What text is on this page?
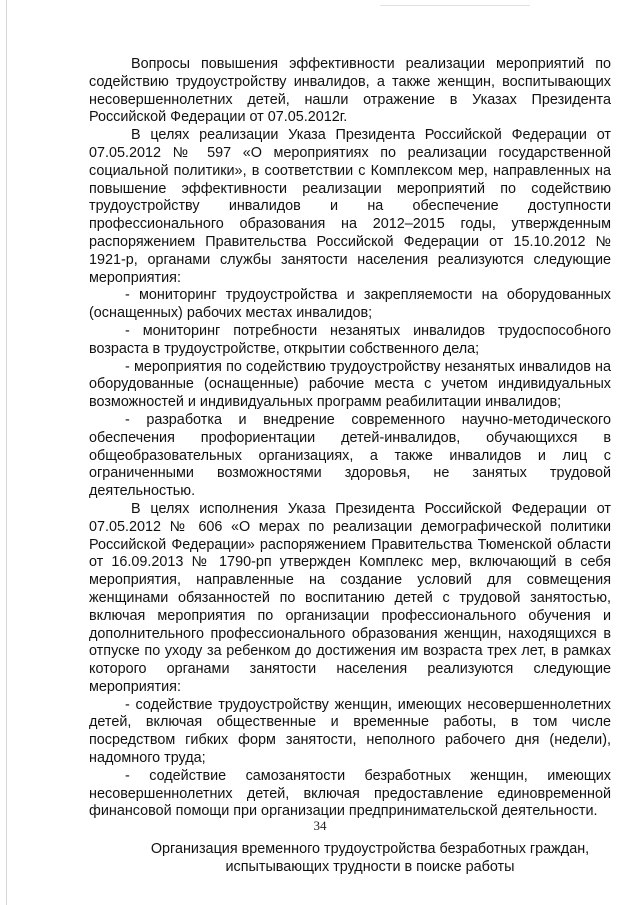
Вопросы повышения эффективности реализации мероприятий по содействию трудоустройству инвалидов, а также женщин, воспитывающих несовершеннолетних детей, нашли отражение в Указах Президента Российской Федерации от 07.05.2012г.

В целях реализации Указа Президента Российской Федерации от 07.05.2012 № 597 «О мероприятиях по реализации государственной социальной политики», в соответствии с Комплексом мер, направленных на повышение эффективности реализации мероприятий по содействию трудоустройству инвалидов и на обеспечение доступности профессионального образования на 2012–2015 годы, утвержденным распоряжением Правительства Российской Федерации от 15.10.2012 № 1921-р, органами службы занятости населения реализуются следующие мероприятия:

- мониторинг трудоустройства и закрепляемости на оборудованных (оснащенных) рабочих местах инвалидов;

- мониторинг потребности незанятых инвалидов трудоспособного возраста в трудоустройстве, открытии собственного дела;

- мероприятия по содействию трудоустройству незанятых инвалидов на оборудованные (оснащенные) рабочие места с учетом индивидуальных возможностей и индивидуальных программ реабилитации инвалидов;

- разработка и внедрение современного научно-методического обеспечения профориентации детей-инвалидов, обучающихся в общеобразовательных организациях, а также инвалидов и лиц с ограниченными возможностями здоровья, не занятых трудовой деятельностью.

В целях исполнения Указа Президента Российской Федерации от 07.05.2012 № 606 «О мерах по реализации демографической политики Российской Федерации» распоряжением Правительства Тюменской области от 16.09.2013 № 1790-рп утвержден Комплекс мер, включающий в себя мероприятия, направленные на создание условий для совмещения женщинами обязанностей по воспитанию детей с трудовой занятостью, включая мероприятия по организации профессионального обучения и дополнительного профессионального образования женщин, находящихся в отпуске по уходу за ребенком до достижения им возраста трех лет, в рамках которого органами занятости населения реализуются следующие мероприятия:

- содействие трудоустройству женщин, имеющих несовершеннолетних детей, включая общественные и временные работы, в том числе посредством гибких форм занятости, неполного рабочего дня (недели), надомного труда;

- содействие самозанятости безработных женщин, имеющих несовершеннолетних детей, включая предоставление единовременной финансовой помощи при организации предпринимательской деятельности.

Организация временного трудоустройства безработных граждан,
испытывающих трудности в поиске работы

34
